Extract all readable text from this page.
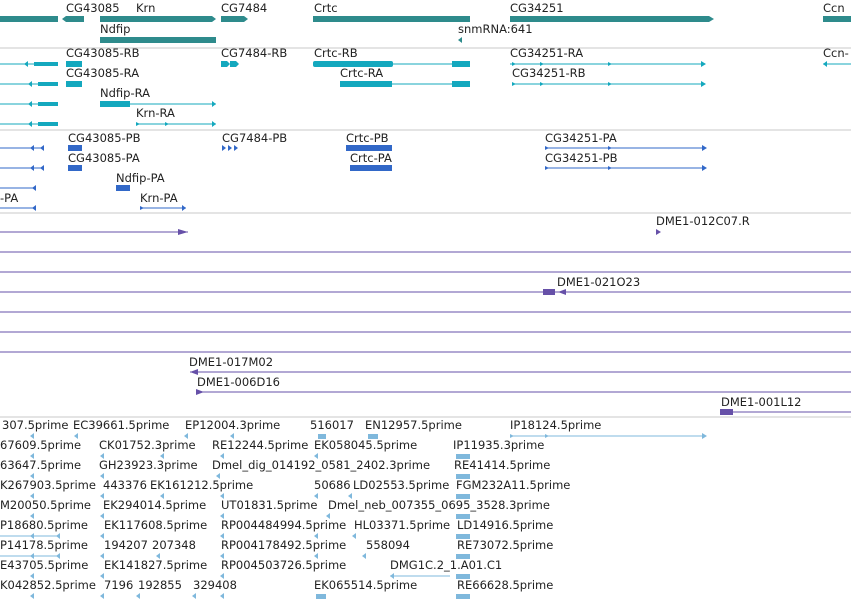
CG43085 Krn	CG7484	Crtc	CG34251	Ccn
Ndfip	snmRNA:641
CG43085-RB	CG7484-RB Crtc-RB	CG34251-RA	Ccn-
CG43085-RA	Crtc-RA	CG34251-RB
Ndfip-RA
Krn-RA
CG43085-PB	CG7484-PB	Crtc-PB	CG34251-PA
CG43085-PA	Crtc-PA	CG34251-PB
Ndfip-PA
-PA	Krn-PA
DME1-012C07.R
DME1-021O23
DME1-017M02
DME1-006D16
DME1-001L12
307.5prime EC39661.5prime EP12004.3prime	516017 EN12957.5prime	IP18124.5prime
67609.5prime CK01752.3prime RE12244.5prime EK058045.5prime	IP11935.3prime
63647.5prime GH23923.3prime Dmel_dig_014192_0581_2402.3prime RE41414.5prime
K267903.5prime 443376 EK161212.5prime	50686 LD02553.5prime FGM232A11.5prime
M20050.5prime EK294014.5prime UT01831.5prime Dmel_neb_007355_0695_3528.3prime
P18680.5prime EK117608.5prime RP004484994.5prime HL03371.5prime LD14916.5prime
P14178.5prime 194207 207348 RP004178492.5prime 558094	RE73072.5prime
E43705.5prime EK141827.5prime RP004503726.5prime	DMG1C.2_1.A01.C1
K042852.5prime 7196 192855 329408	EK065514.5prime	RE66628.5prime
